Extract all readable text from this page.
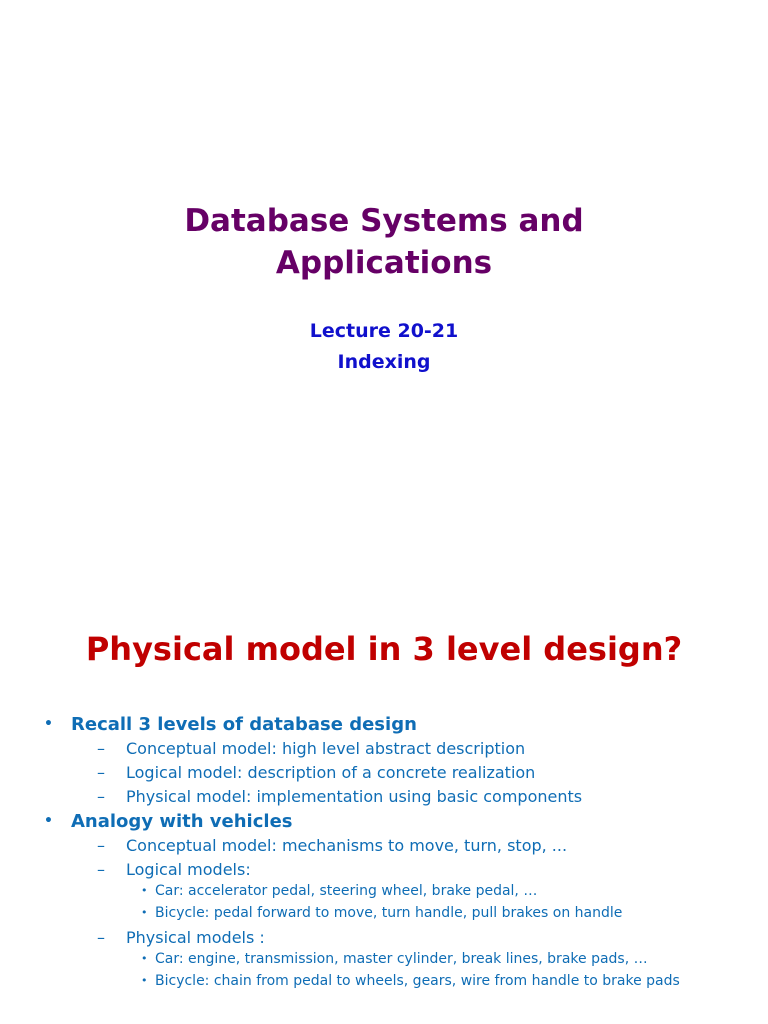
Database Systems and
Applications
Lecture 20-21
Indexing
Physical model in 3 level design?
• Recall 3 levels of database design
– Conceptual model: high level abstract description
– Logical model: description of a concrete realization
– Physical model: implementation using basic components
• Analogy with vehicles
– Conceptual model: mechanisms to move, turn, stop, ...
– Logical models:
• Car: accelerator pedal, steering wheel, brake pedal, …
• Bicycle: pedal forward to move, turn handle, pull brakes on handle
– Physical models :
• Car: engine, transmission, master cylinder, break lines, brake pads, …
• Bicycle: chain from pedal to wheels, gears, wire from handle to brake pads
